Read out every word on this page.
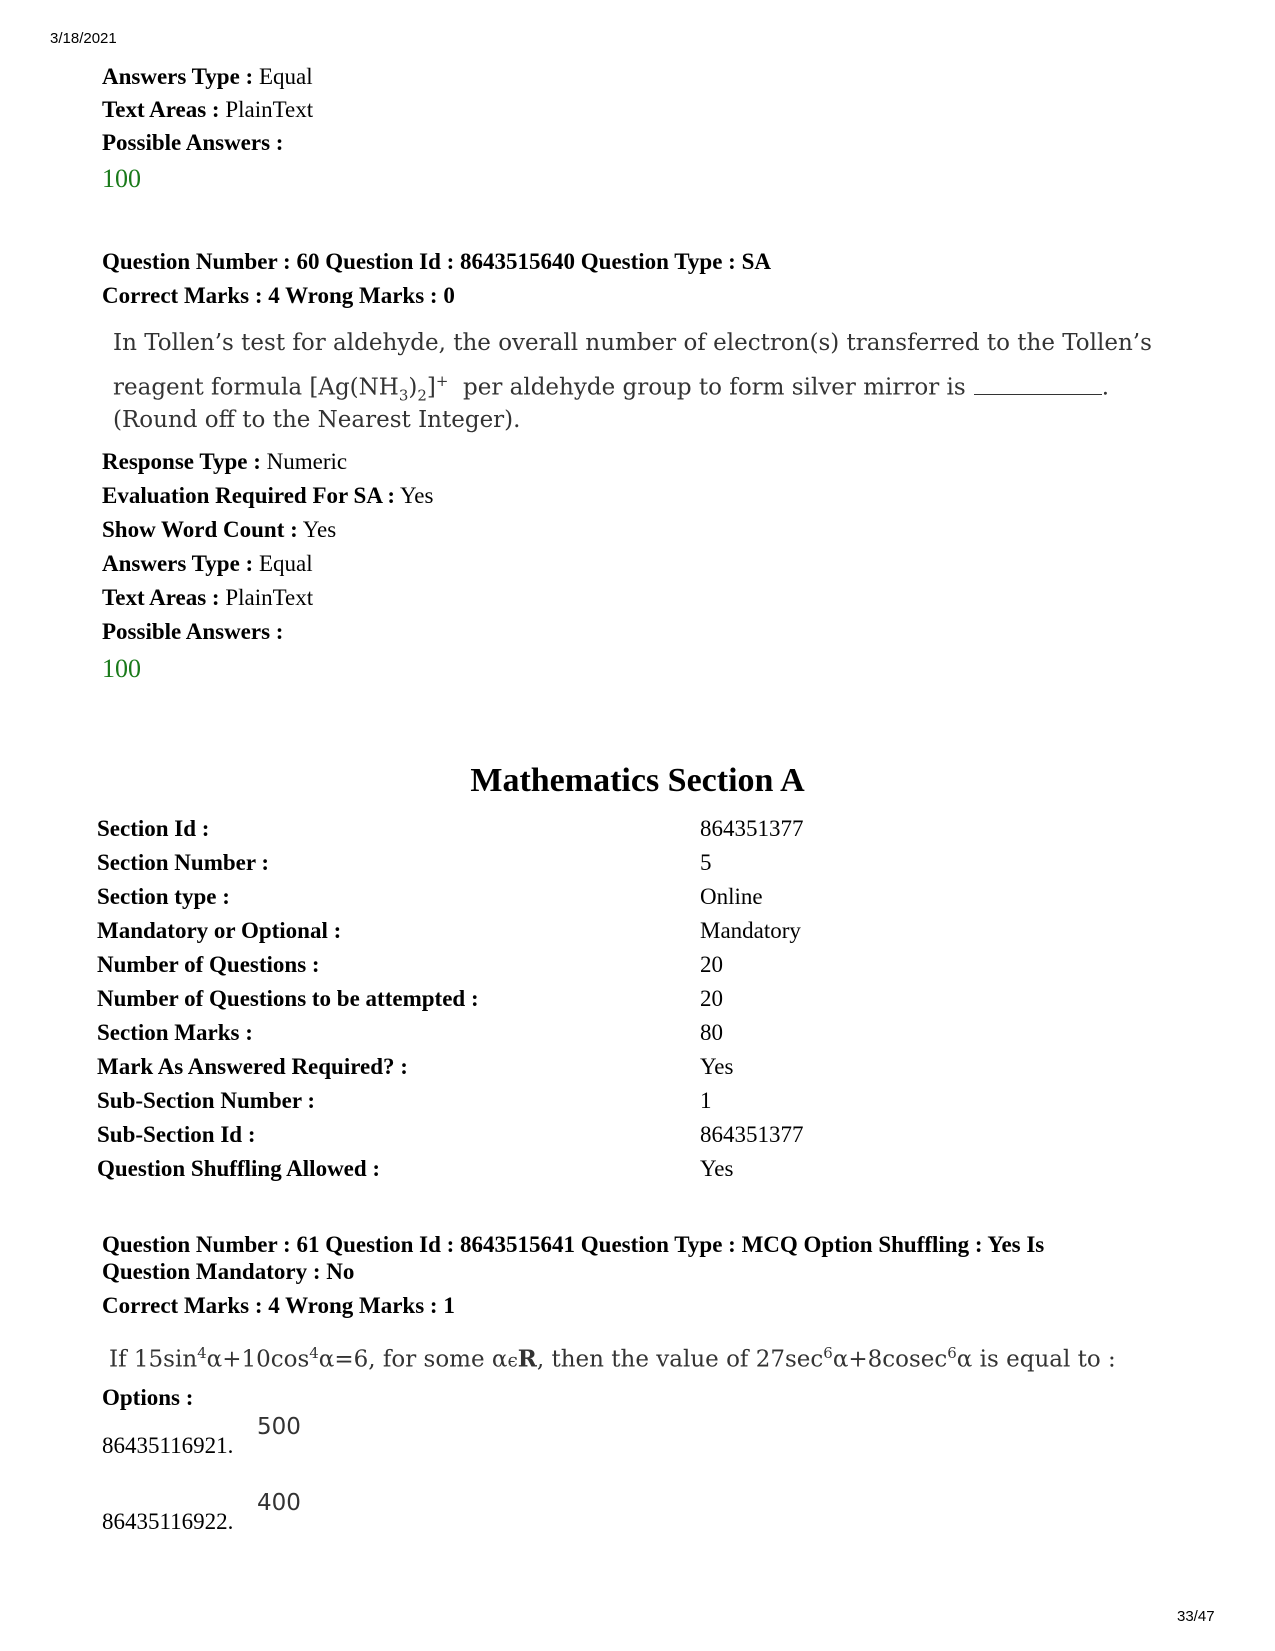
3/18/2021
Answers Type : Equal
Text Areas : PlainText
Possible Answers :
100
Question Number : 60 Question Id : 8643515640 Question Type : SA
Correct Marks : 4 Wrong Marks : 0
In Tollen’s test for aldehyde, the overall number of electron(s) transferred to the Tollen’s
reagent formula $[Ag(NH_3)_2]^+$ per aldehyde group to form silver mirror is	.
(Round off to the Nearest Integer).
Response Type : Numeric
Evaluation Required For SA : Yes
Show Word Count : Yes
Answers Type : Equal
Text Areas : PlainText
Possible Answers :
100
Mathematics Section A
Section Id :	864351377
Section Number :	5
Section type :	Online
Mandatory or Optional :	Mandatory
Number of Questions :	20
Number of Questions to be attempted :	20
Section Marks :	80
Mark As Answered Required? :	Yes
Sub-Section Number :	1
Sub-Section Id :	864351377
Question Shuffling Allowed :	Yes
Question Number : 61 Question Id : 8643515641 Question Type : MCQ Option Shuffling : Yes Is
Question Mandatory : No
Correct Marks : 4 Wrong Marks : 1
If $15\sin^4\alpha+10\cos^4\alpha=6$, for some αϵR, then the value of $27\sec^6\alpha+8cosec^6\alpha$ is equal to :
Options :
86435116921.
500
86435116922.
400
33/47
